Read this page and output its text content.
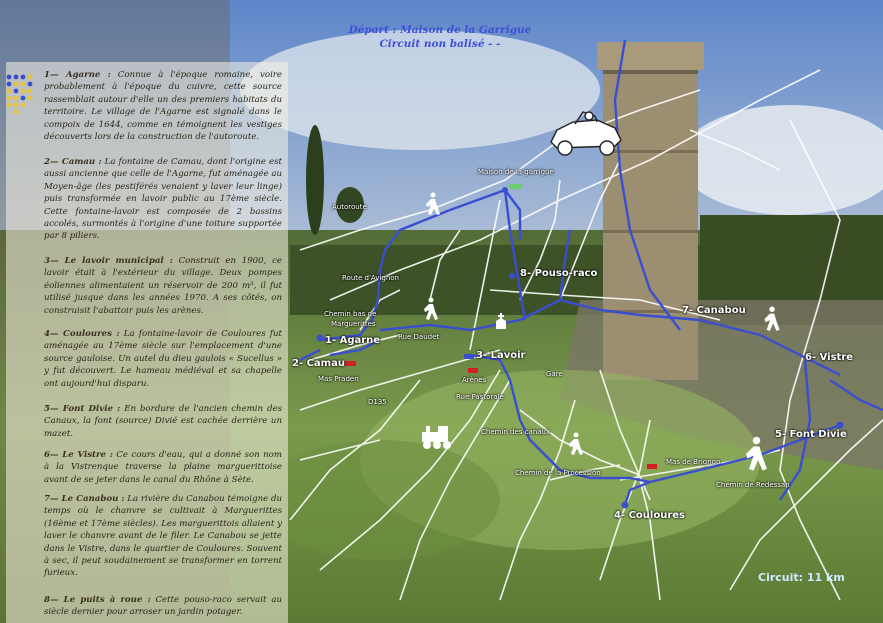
1— Agarne : Connue à l'époque romaine, voire probablement à l'époque du cuivre, cette source rassemblait autour d'elle un des premiers habitats du territoire. Le village de l'Agarne est signalé dans le compoix de 1644, comme en témoignent les vestiges découverts lors de la construction de l'autoroute.
2— Camau : La fontaine de Camau, dont l'origine est aussi ancienne que celle de l'Agarne, fut aménagée au Moyen-âge (les pestiférés venaient y laver leur linge) puis transformée en lavoir public au 17ème siècle. Cette fontaine-lavoir est composée de 2 bassins accolés, surmontés à l'origine d'une toiture supportée par 8 piliers.
3— Le lavoir municipal : Construit en 1900, ce lavoir était à l'extérieur du village. Deux pompes éoliennes alimentaient un réservoir de 200 m³, il fut utilisé jusque dans les années 1970. A ses côtés, on construisit l'abattoir puis les arènes.
4— Couloures : La fontaine-lavoir de Couloures fut aménagée au 17ème siècle sur l'emplacement d'une source gauloise. Un autel du dieu gaulois « Sucellus » y fut découvert. Le hameau médiéval et sa chapelle ont aujourd'hui disparu.
5— Font Divie : En bordure de l'ancien chemin des Canaux, la font (source) Divié est cachée derrière un mazet.
6— Le Vistre : Ce cours d'eau, qui a donné son nom à la Vistrenque traverse la plaine marguerittoise avant de se jeter dans le canal du Rhône à Sète.
7— Le Canabou : La rivière du Canabou témoigne du temps où le chanvre se cultivait à Marguerittes (16ème et 17ème siècles). Les marguerittois allaient y laver le chanvre avant de le filer. Le Canabou se jette dans le Vistre, dans le quartier de Couloures. Souvent à sec, il peut soudainement se transformer en torrent furieux.
8— Le puits à roue : Cette pouso-raco servait au siècle dernier pour arroser un jardin potager.
Départ : Maison de la Garrigue
Circuit non balisé - -
Maison de la garrigue
Autoroute
Route d'Avignon
Chemin bas de
Marguerittes
1- Agarne
2- Camau
Mas Praden
Rue Daudet
3- Lavoir
Arènes
Gare
Rue Pastorale
D135
8- Pouso-raco
7- Canabou
6- Vistre
5- Font Divie
Mas de Brignon
Chemin de Redessan
Chemin des canaux
Chemin de la Procession
4- Couloures
Circuit: 11 km
